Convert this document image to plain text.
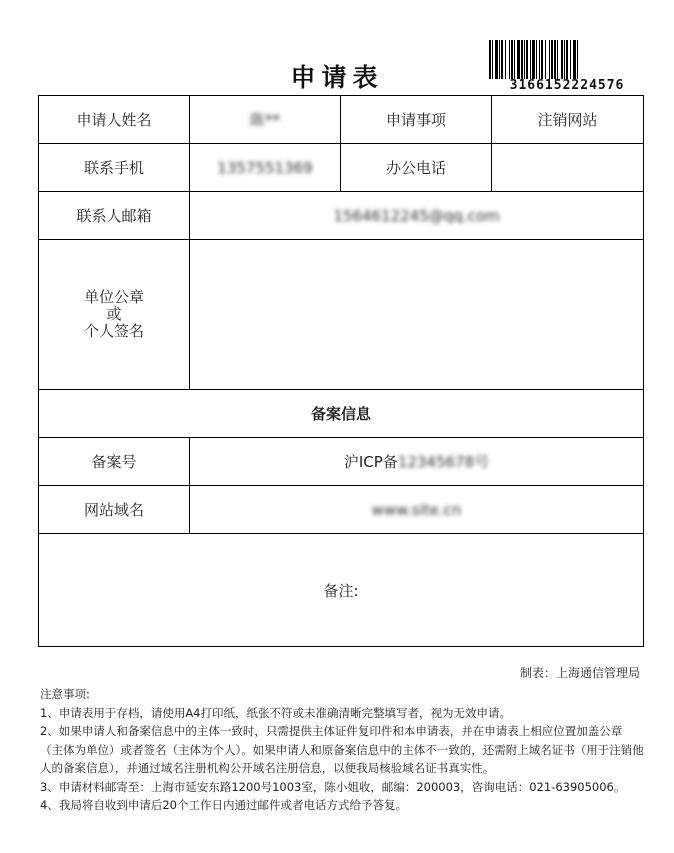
申请表	3166152224576
申请人姓名	陈**	申请事项	注销网站
联系手机	1357551369	办公电话	
联系人邮箱	1564612245@qq.com		

单位公章
或
个人签名			

备案信息			
备案号	沪ICP备12345678号		
网站域名	www.site.cn		
备注:			
制表：上海通信管理局

注意事项:

1、申请表用于存档，请使用A4打印纸，纸张不符或未准确清晰完整填写者，视为无效申请。

2、如果申请人和备案信息中的主体一致时，只需提供主体证件复印件和本申请表，并在申请表上相应位置加盖公章（主体为单位）或者签名（主体为个人）。如果申请人和原备案信息中的主体不一致的，还需附上域名证书（用于注销他人的备案信息），并通过域名注册机构公开域名注册信息，以便我局核验域名证书真实性。

3、申请材料邮寄至：上海市延安东路1200号1003室，陈小姐收，邮编：200003，咨询电话：021-63905006。

4、我局将自收到申请后20个工作日内通过邮件或者电话方式给予答复。
